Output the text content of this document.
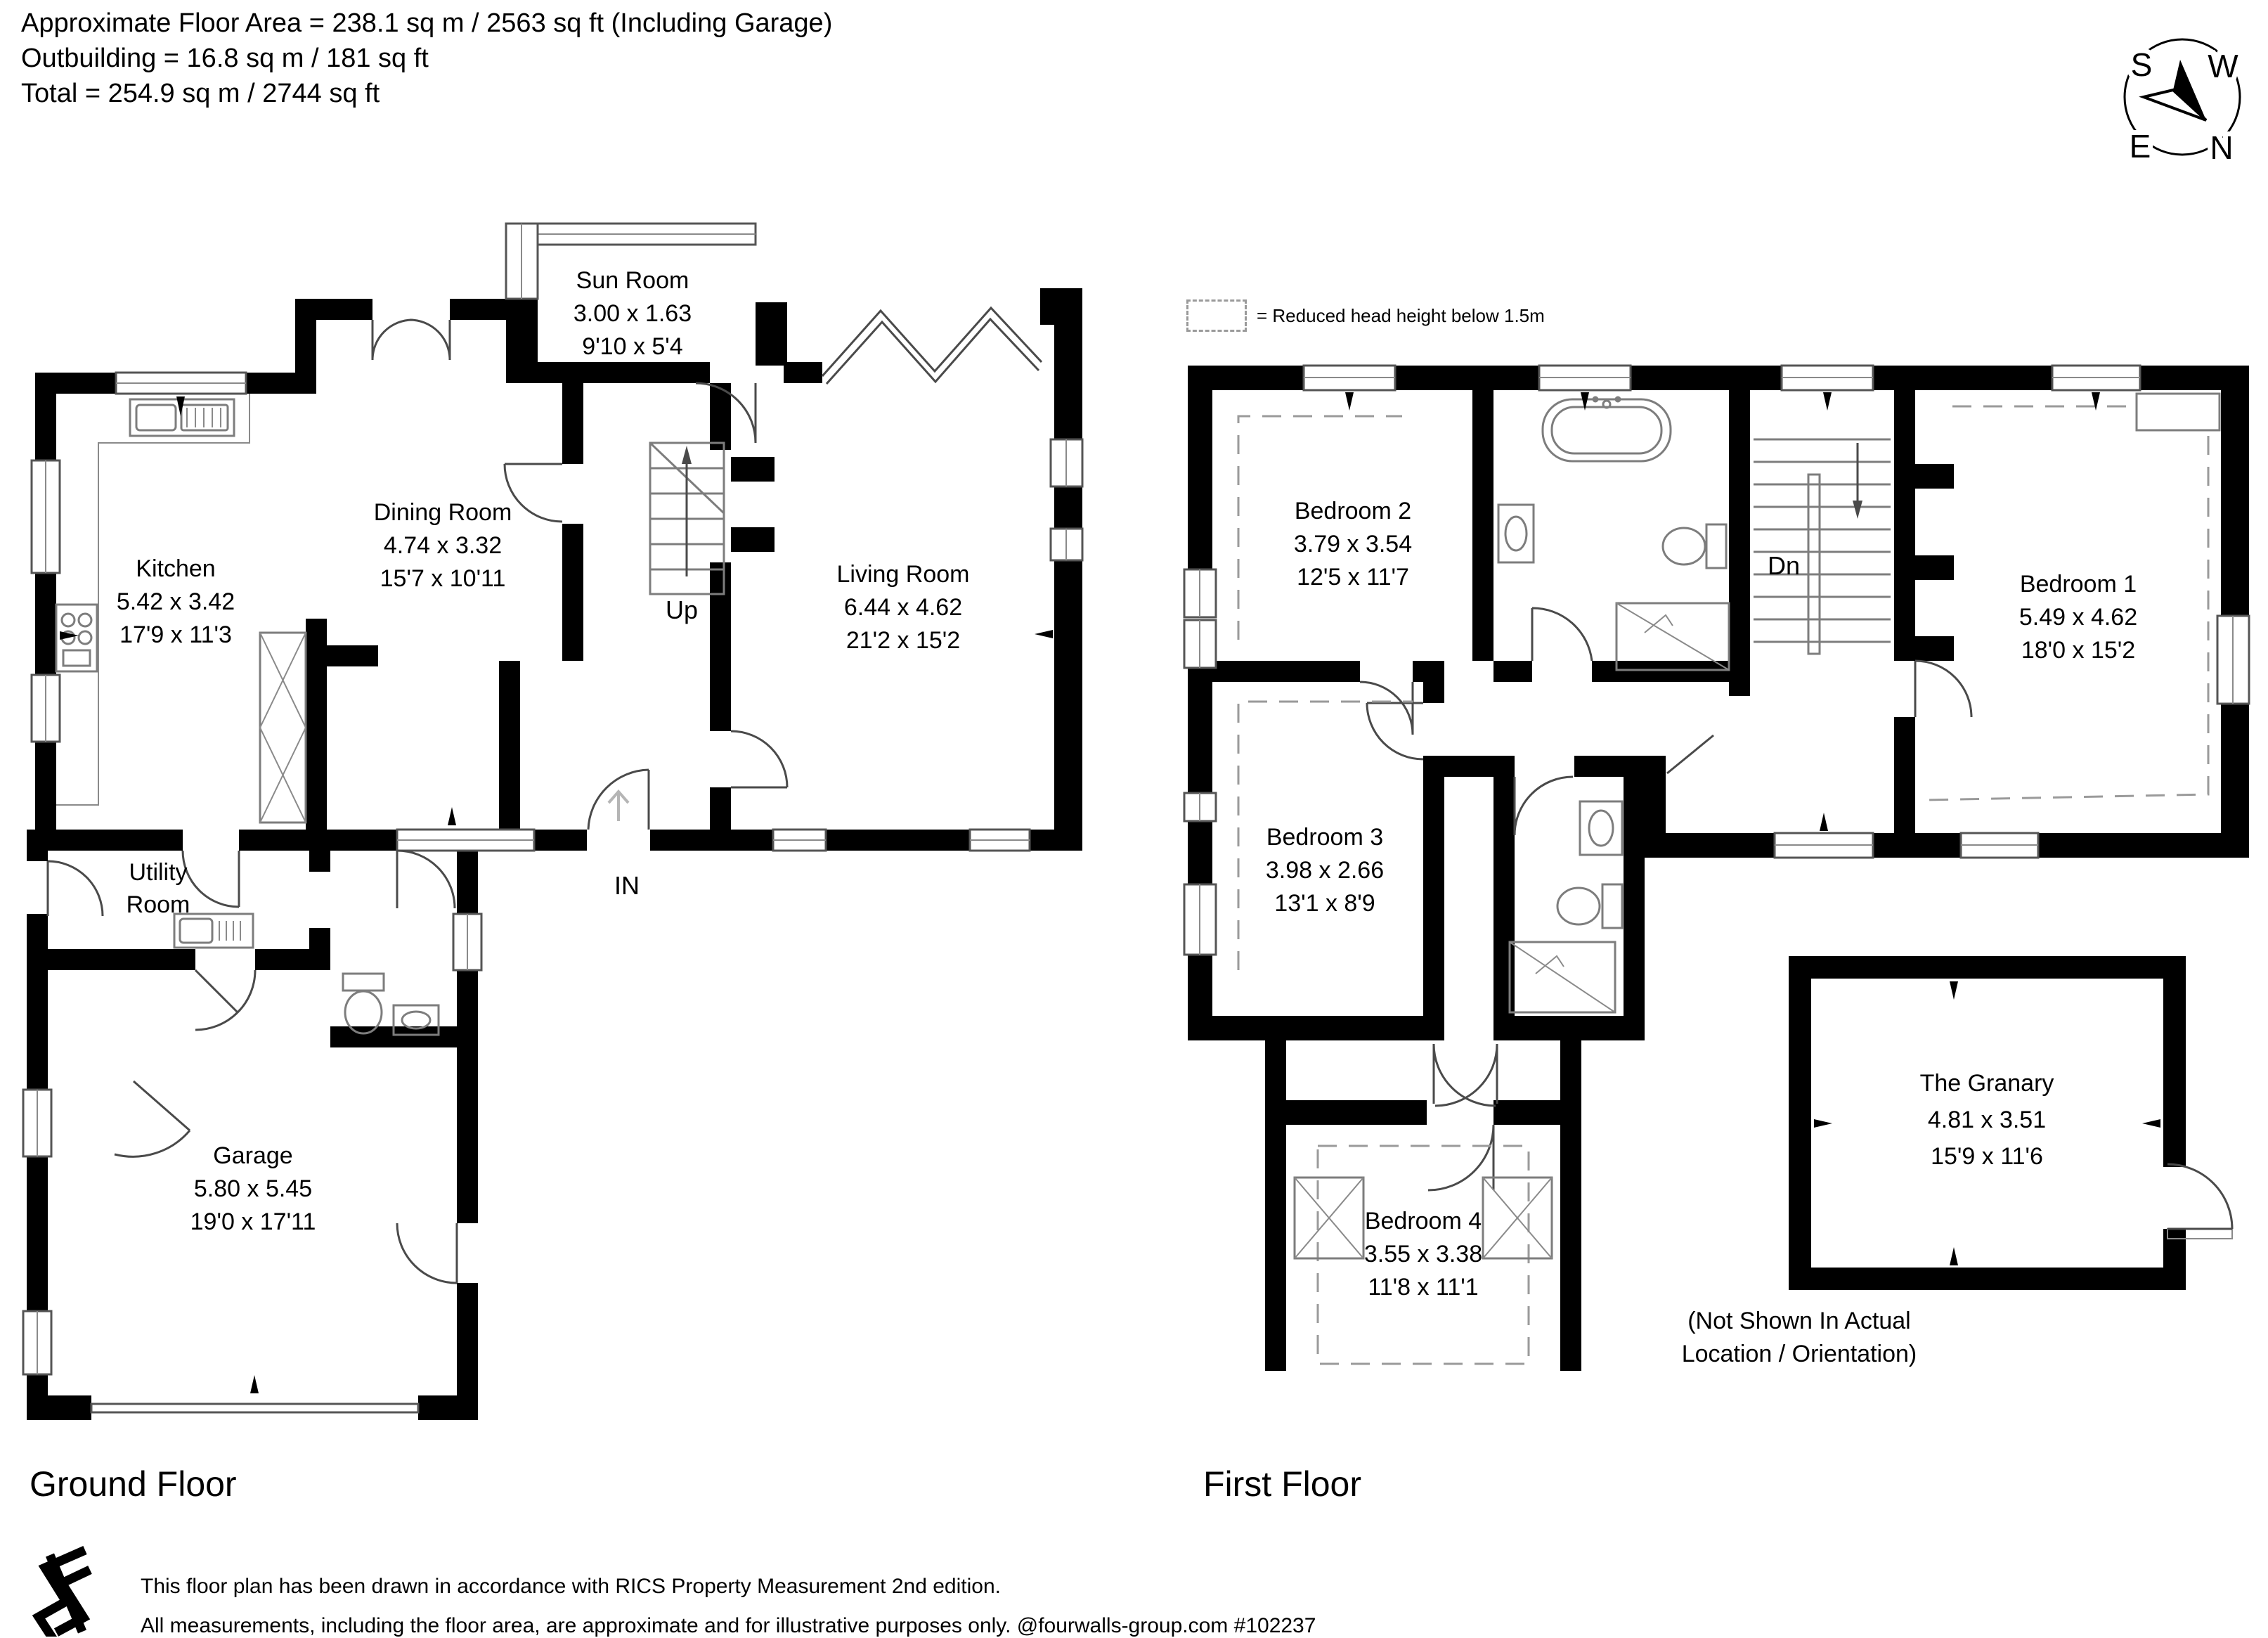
Approximate Floor Area = 238.1 sq m / 2563 sq ft (Including Garage)
Outbuilding = 16.8 sq m / 181 sq ft
Total = 254.9 sq m / 2744 sq ft
S W
E N
= Reduced head height below 1.5m
Sun Room
3.00 x 1.63
9'10 x 5'4
Dining Room
4.74 x 3.32
15'7 x 10'11
Kitchen
5.42 x 3.42
17'9 x 11'3
Living Room
6.44 x 4.62
21'2 x 15'2
Utility
Room
Garage
5.80 x 5.45
19'0 x 17'11
Up
IN
Bedroom 2
3.79 x 3.54
12'5 x 11'7	Bedroom 1
5.49 x 4.62
18'0 x 15'2
Bedroom 3
3.98 x 2.66
13'1 x 8'9
Bedroom 4
3.55 x 3.38
11'8 x 11'1
The Granary
4.81 x 3.51
15'9 x 11'6
Dn
(Not Shown In Actual
Location / Orientation)
Ground Floor	First Floor
This floor plan has been drawn in accordance with RICS Property Measurement 2nd edition.
All measurements, including the floor area, are approximate and for illustrative purposes only. @fourwalls-group.com #102237
